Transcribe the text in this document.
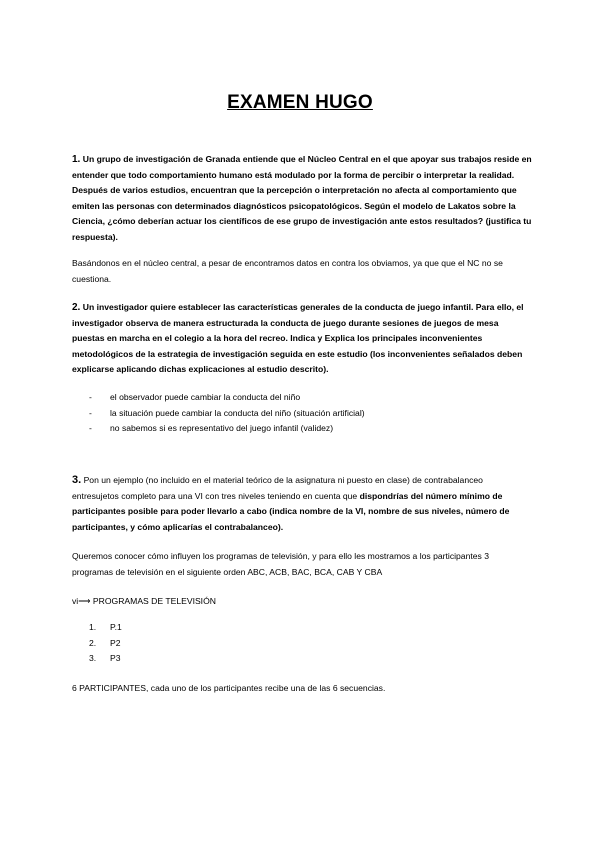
EXAMEN HUGO
1. Un grupo de investigación de Granada entiende que el Núcleo Central en el que apoyar sus trabajos reside en entender que todo comportamiento humano está modulado por la forma de percibir o interpretar la realidad. Después de varios estudios, encuentran que la percepción o interpretación no afecta al comportamiento que emiten las personas con determinados diagnósticos psicopatológicos. Según el modelo de Lakatos sobre la Ciencia, ¿cómo deberían actuar los científicos de ese grupo de investigación ante estos resultados? (justifica tu respuesta).
Basándonos en el núcleo central, a pesar de encontramos datos en contra los obviamos, ya que que el NC no se cuestiona.
2. Un investigador quiere establecer las características generales de la conducta de juego infantil. Para ello, el investigador observa de manera estructurada la conducta de juego durante sesiones de juegos de mesa puestas en marcha en el colegio a la hora del recreo. Indica y Explica los principales inconvenientes metodológicos de la estrategia de investigación seguida en este estudio (los inconvenientes señalados deben explicarse aplicando dichas explicaciones al estudio descrito).
- el observador puede cambiar la conducta del niño
- la situación puede cambiar la conducta del niño (situación artificial)
- no sabemos si es representativo del juego infantil (validez)
3. Pon un ejemplo (no incluido en el material teórico de la asignatura ni puesto en clase) de contrabalanceo entresujetos completo para una VI con tres niveles teniendo en cuenta que dispondrías del número mínimo de participantes posible para poder llevarlo a cabo (indica nombre de la VI, nombre de sus niveles, número de participantes, y cómo aplicarías el contrabalanceo).
Queremos conocer cómo influyen los programas de televisión, y para ello les mostramos a los participantes 3 programas de televisión en el siguiente orden ABC, ACB, BAC, BCA, CAB Y CBA
vi⟶ PROGRAMAS DE TELEVISIÓN
1. P.1
2. P2
3. P3
6 PARTICIPANTES, cada uno de los participantes recibe una de las 6 secuencias.
